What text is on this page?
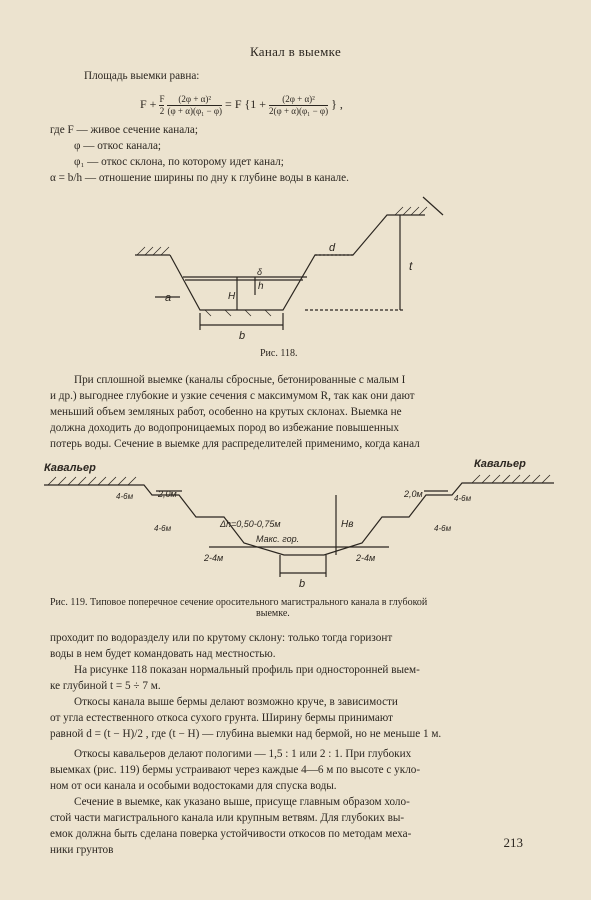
Канал в выемке
Площадь выемки равна:
$F + \frac{F}{2}$
$\frac{\text{(2φ + α)²}}{\text{(φ + α)(φ₁ − φ)}} = F$ {$1 + \frac{\text{(2φ + α)²}}{\text{2(φ + α)(φ₁ − φ)}}$ } ,
где F — живое сечение канала;
φ — откос канала;
φ₁ — откос склона, по которому идет канал;
α = b/h — отношение ширины по дну к глубине воды в канале.
d
t
a	H
h
δ
b
Рис. 118.
При сплошной выемке (каналы сбросные, бетонированные с малым I
и др.) выгоднее глубокие и узкие сечения с максимумом R, так как они дают
меньший объем земляных работ, особенно на крутых склонах. Выемка не
должна доходить до водопроницаемых пород во избежание повышенных
потерь воды. Сечение в выемке для распределителей применимо, когда канал
Кавальер	Кавальер
2,0м	2,0м
4-6м
4-6м
4-6м
4-6м
Δh=0,50-0,75м
Макс. гор.
Нв
2-4м	2-4м
b
Рис. 119. Типовое поперечное сечение оросительного магистрального канала в глубокой
выемке.
проходит по водоразделу или по крутому склону: только тогда горизонт
воды в нем будет командовать над местностью.
На рисунке 118 показан нормальный профиль при односторонней выем-
ке глубиной t = 5 ÷ 7 м.
Откосы канала выше бермы делают возможно круче, в зависимости
от угла естественного откоса сухого грунта. Ширину бермы принимают
равной d = (t − H)/2 , где (t − H) — глубина выемки над бермой, но не меньше 1 м.
Откосы кавальеров делают пологими — 1,5 : 1 или 2 : 1. При глубоких
выемках (рис. 119) бермы устраивают через каждые 4—6 м по высоте с укло-
ном от оси канала и особыми водостоками для спуска воды.
Сечение в выемке, как указано выше, присуще главным образом холо-
стой части магистрального канала или крупным ветвям. Для глубоких вы-
емок должна быть сделана поверка устойчивости откосов по методам меха-
ники грунтов	213
